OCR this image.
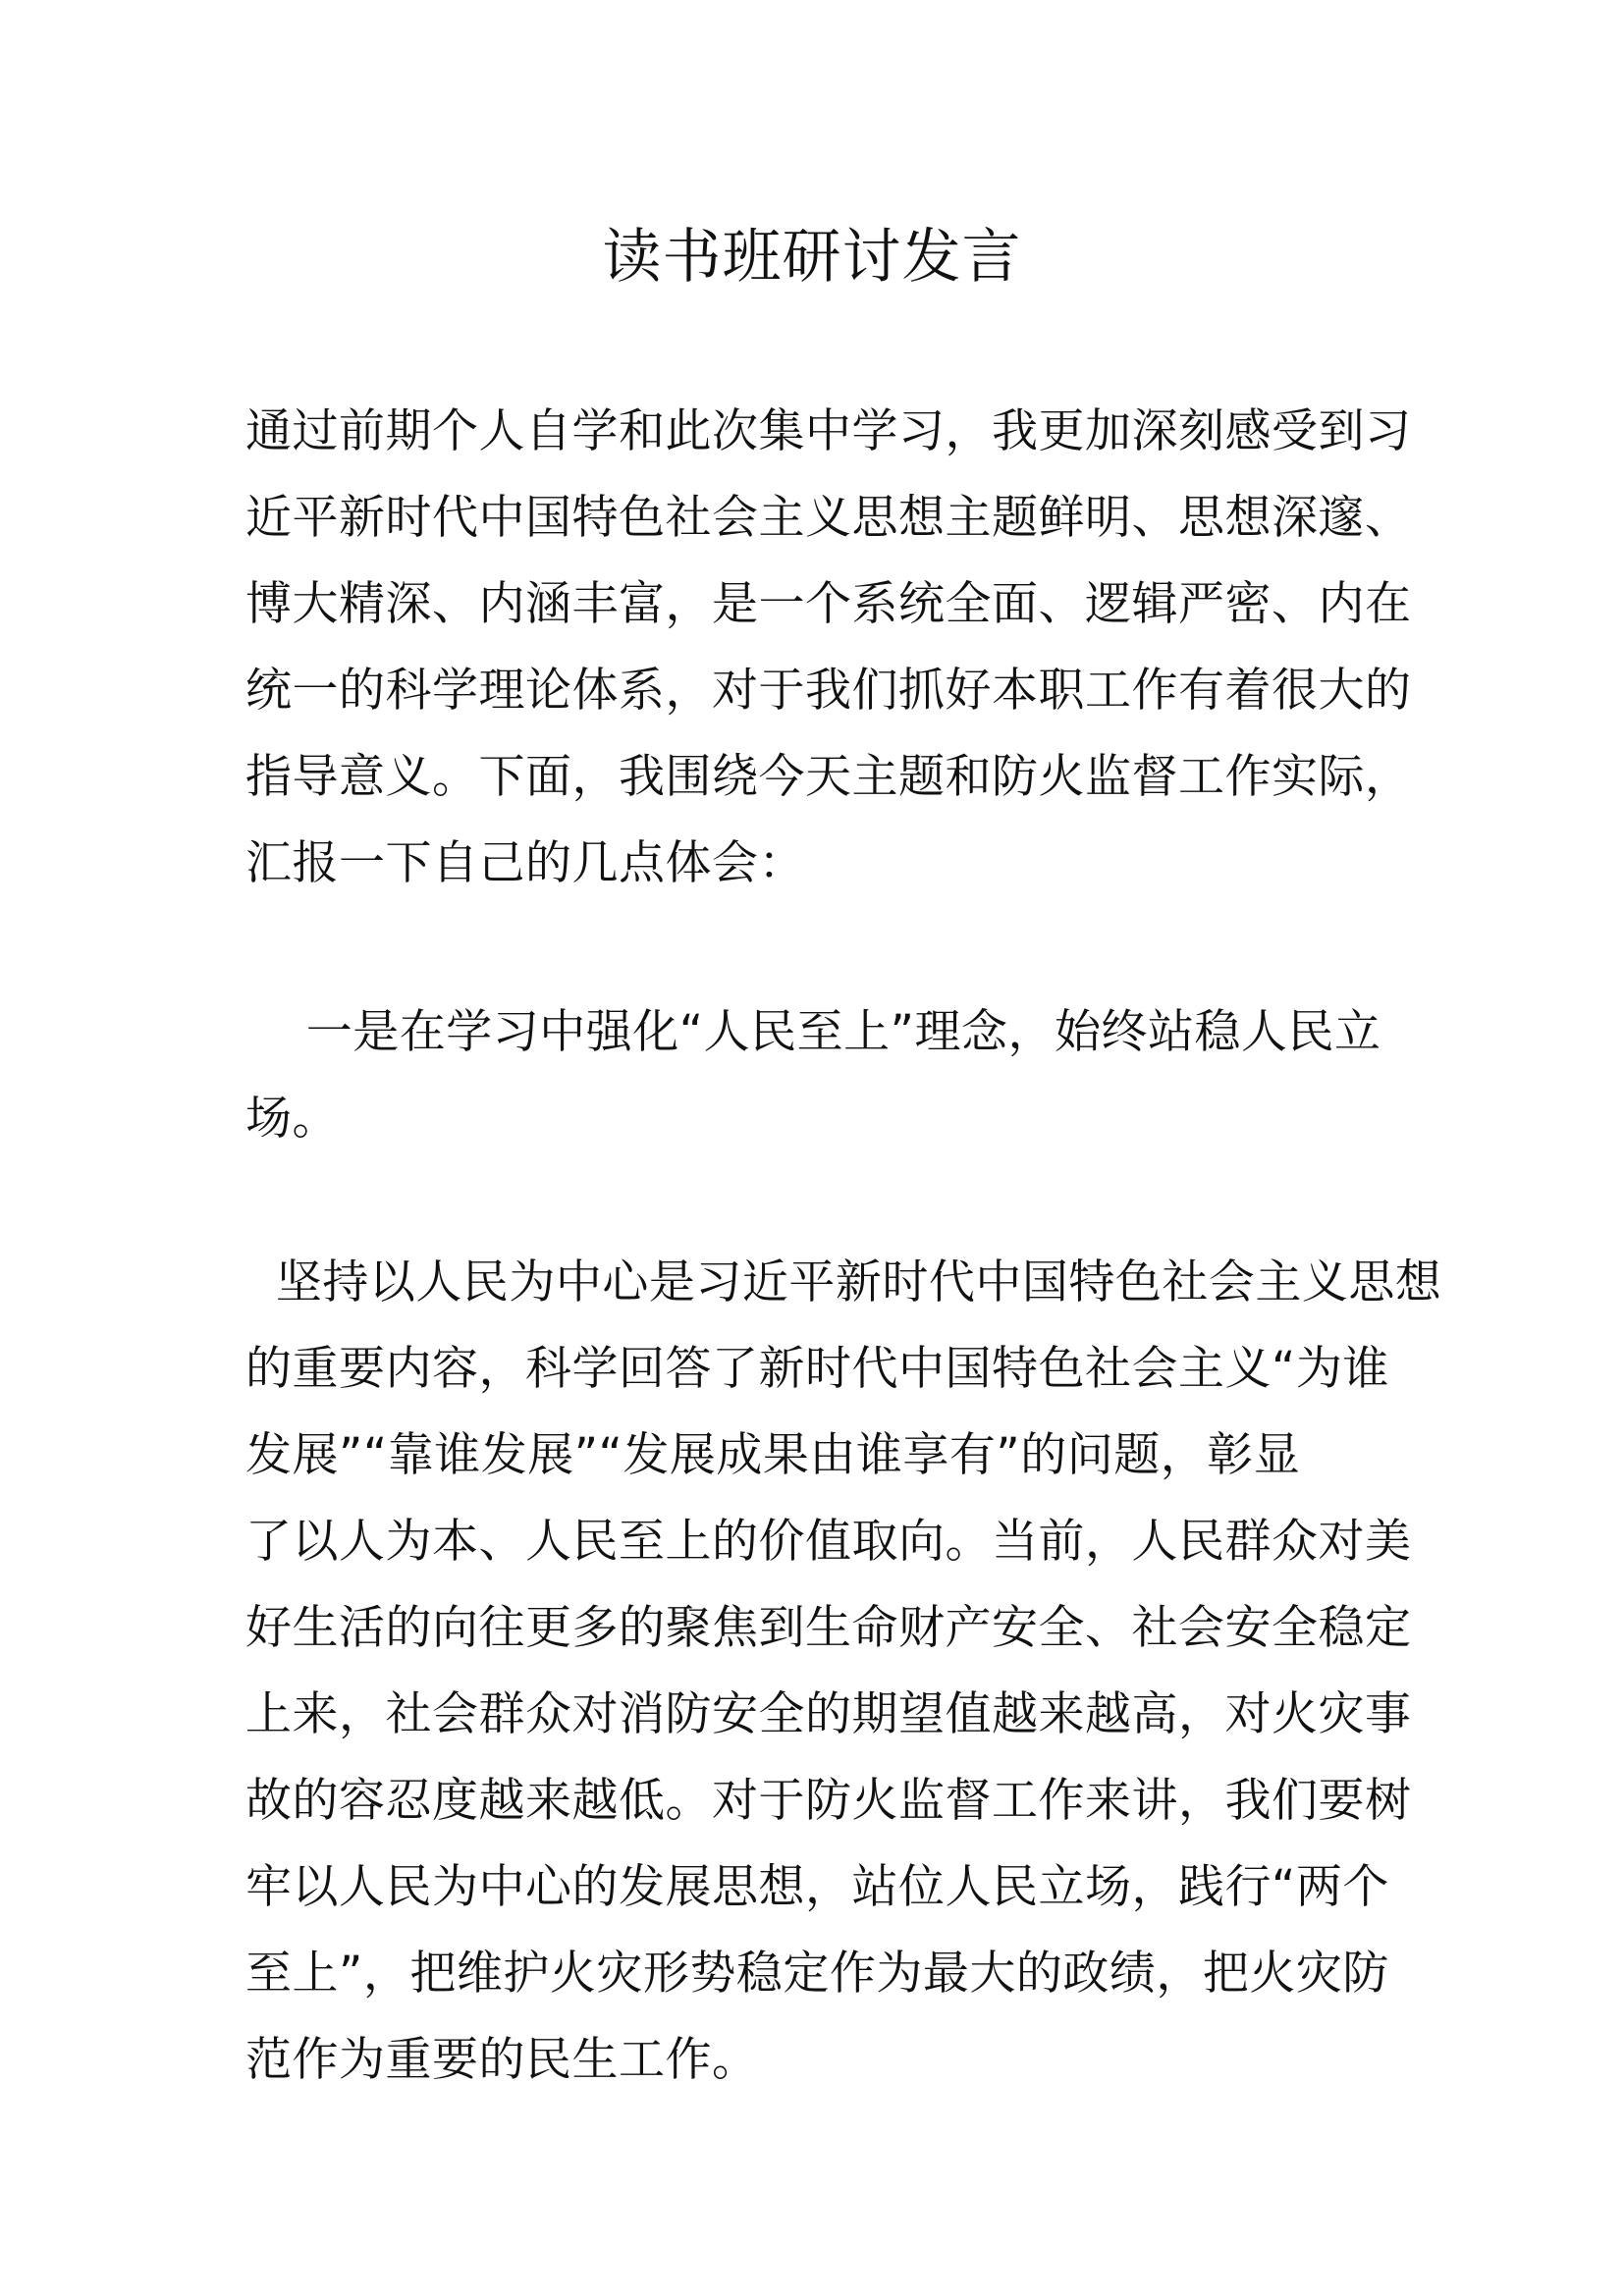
读书班研讨发言

通过前期个人自学和此次集中学习，我更加深刻感受到习
近平新时代中国特色社会主义思想主题鲜明、思想深邃、
博大精深、内涵丰富，是一个系统全面、逻辑严密、内在
统一的科学理论体系，对于我们抓好本职工作有着很大的
指导意义。下面，我围绕今天主题和防火监督工作实际，
汇报一下自己的几点体会：

一是在学习中强化“人民至上”理念，始终站稳人民立
场。

坚持以人民为中心是习近平新时代中国特色社会主义思想
的重要内容，科学回答了新时代中国特色社会主义“为谁
发展”“靠谁发展”“发展成果由谁享有”的问题，彰显
了以人为本、人民至上的价值取向。当前，人民群众对美
好生活的向往更多的聚焦到生命财产安全、社会安全稳定
上来，社会群众对消防安全的期望值越来越高，对火灾事
故的容忍度越来越低。对于防火监督工作来讲，我们要树
牢以人民为中心的发展思想，站位人民立场，践行“两个
至上”，把维护火灾形势稳定作为最大的政绩，把火灾防
范作为重要的民生工作。
